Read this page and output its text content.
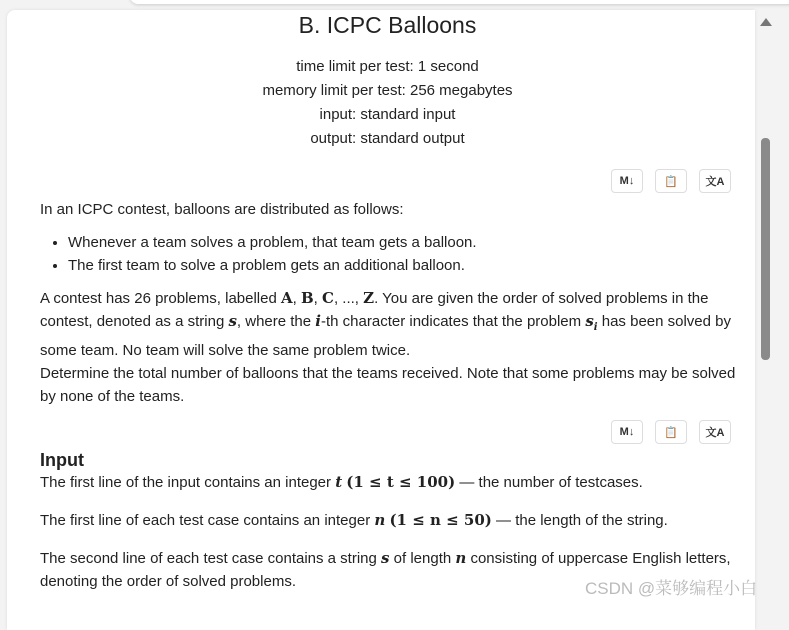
B. ICPC Balloons
time limit per test: 1 second
memory limit per test: 256 megabytes
input: standard input
output: standard output
M↓	📋	文A

In an ICPC contest, balloons are distributed as follows:

• Whenever a team solves a problem, that team gets a balloon.
• The first team to solve a problem gets an additional balloon.

A contest has 26 problems, labelled A, B, C, ..., Z. You are given the order of solved problems in the contest, denoted as a string s, where the i-th character indicates that the problem $s_i$ has been solved by some team. No team will solve the same problem twice.

Determine the total number of balloons that the teams received. Note that some problems may be solved by none of the teams.

M↓	📋	文A
Input

The first line of the input contains an integer t (1 ≤ t ≤ 100) — the number of testcases.

The first line of each test case contains an integer n (1 ≤ n ≤ 50) — the length of the string.

The second line of each test case contains a string s of length n consisting of uppercase English letters, denoting the order of solved problems.	CSDN @菜够编程小白
